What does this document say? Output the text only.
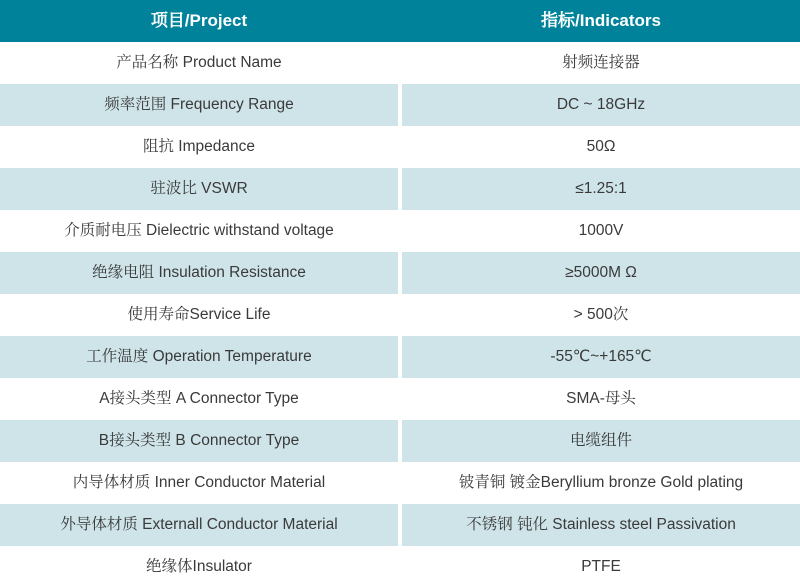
项目/Project	指标/Indicators
产品名称 Product Name	射频连接器
频率范围 Frequency Range	DC ~ 18GHz
阻抗 Impedance	50Ω
驻波比 VSWR	≤1.25:1
介质耐电压 Dielectric withstand voltage	1000V
绝缘电阻 Insulation Resistance	≥5000M Ω
使用寿命Service Life	> 500次
工作温度 Operation Temperature	-55℃~+165℃
A接头类型 A Connector Type	SMA-母头
B接头类型 B Connector Type	电缆组件
内导体材质 Inner Conductor Material	铍青铜 镀金Beryllium bronze Gold plating
外导体材质 Externall Conductor Material	不锈钢 钝化 Stainless steel Passivation
绝缘体Insulator	PTFE
